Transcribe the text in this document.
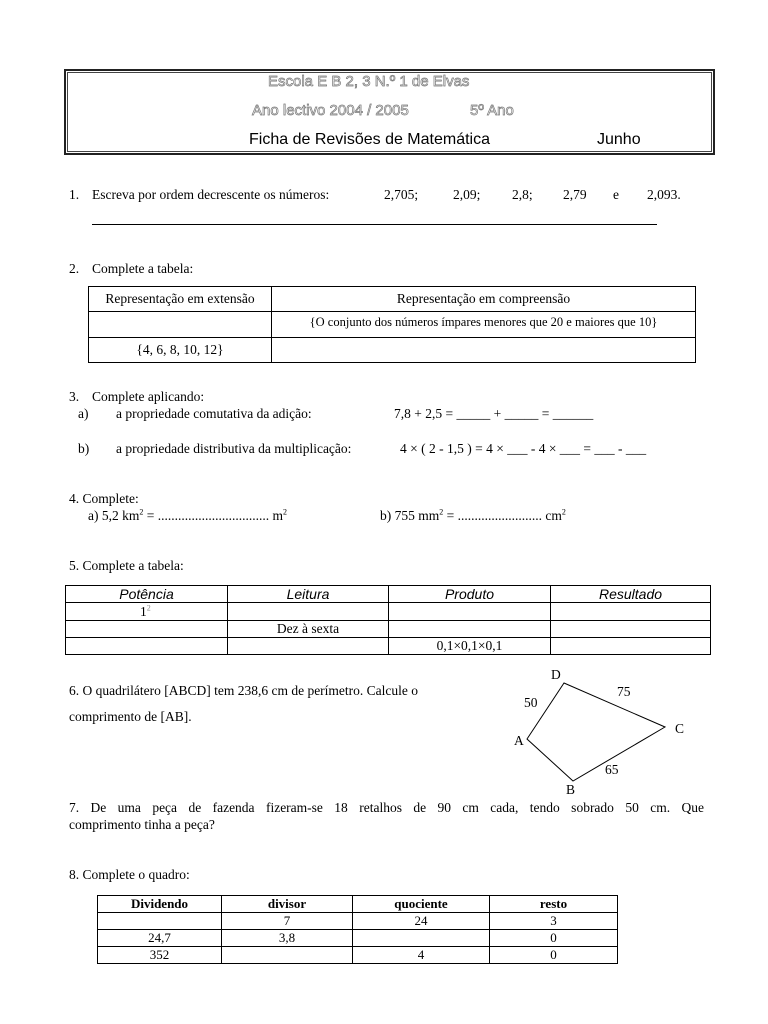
Escola E B 2, 3 N.º 1 de Elvas
Ano lectivo 2004 / 2005	5º Ano
Ficha de Revisões de Matemática	Junho
1. Escreva por ordem decrescente os números:	2,705;	2,09; 2,8; 2,79 e 2,093.
2. Complete a tabela:
Representação em extensão	Representação em compreensão
	{O conjunto dos números ímpares menores que 20 e maiores que 10}
{4, 6, 8, 10, 12}	
3. Complete aplicando:
a) a propriedade comutativa da adição:	7,8 + 2,5 = _____ + _____ = ______
b) a propriedade distributiva da multiplicação:	4 × ( 2 - 1,5 ) = 4 × ___ - 4 × ___ = ___ - ___
4. Complete:
a) 5,2 $km^2$ = ................................. $m^2$	b) 755 $mm^2$ = ......................... $cm^2$
5. Complete a tabela:
Potência	Leitura	Produto	Resultado
$1^2$			
	Dez à sexta		
		0,1×0,1×0,1	
6. O quadrilátero [ABCD] tem 238,6 cm de perímetro. Calcule o
comprimento de [AB].
D
C
A
B
50
75
65
7. De uma peça de fazenda fizeram-se 18 retalhos de 90 cm cada, tendo sobrado 50 cm. Que
comprimento tinha a peça?
8. Complete o quadro:
Dividendo	divisor	quociente	resto
	7	24	3
24,7	3,8		0
352		4	0
